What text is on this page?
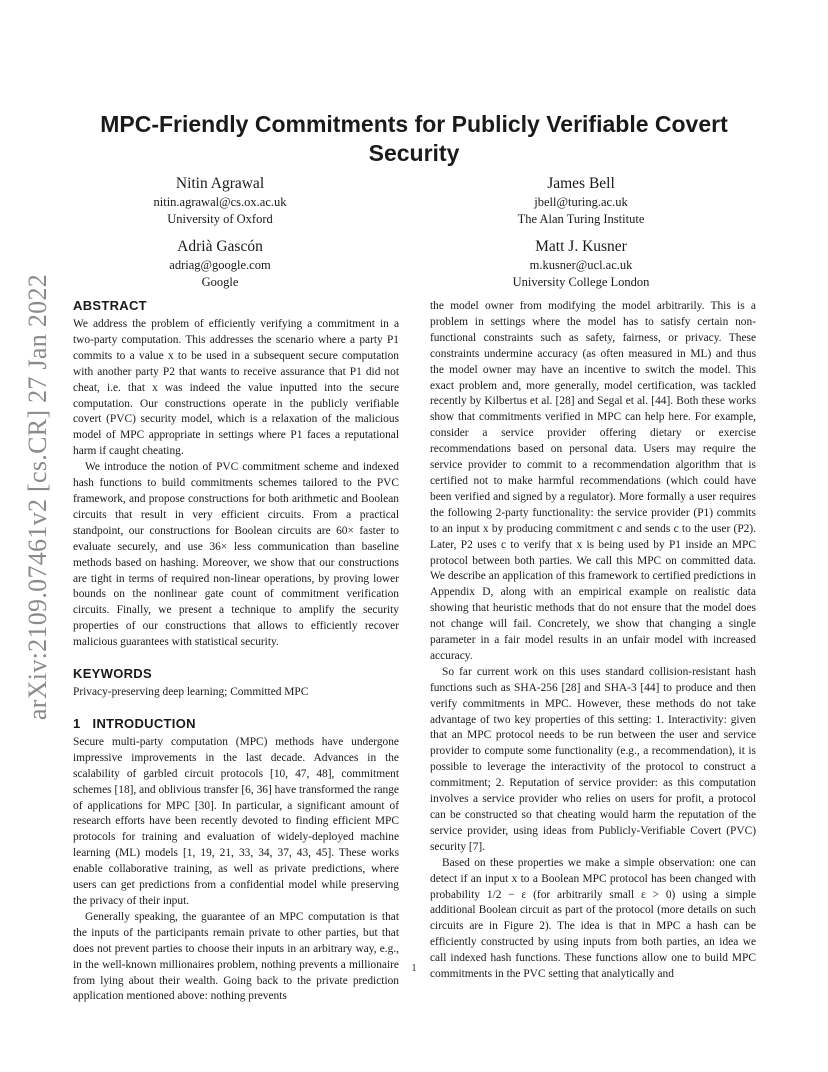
MPC-Friendly Commitments for Publicly Verifiable Covert Security
Nitin Agrawal
nitin.agrawal@cs.ox.ac.uk
University of Oxford
James Bell
jbell@turing.ac.uk
The Alan Turing Institute
Adrià Gascón
adriag@google.com
Google
Matt J. Kusner
m.kusner@ucl.ac.uk
University College London
arXiv:2109.07461v2 [cs.CR] 27 Jan 2022 ABSTRACT

We address the problem of efficiently verifying a commitment in a two-party computation. This addresses the scenario where a party P1 commits to a value x to be used in a subsequent secure computation with another party P2 that wants to receive assurance that P1 did not cheat, i.e. that x was indeed the value inputted into the secure computation. Our constructions operate in the publicly verifiable covert (PVC) security model, which is a relaxation of the malicious model of MPC appropriate in settings where P1 faces a reputational harm if caught cheating.

We introduce the notion of PVC commitment scheme and indexed hash functions to build commitments schemes tailored to the PVC framework, and propose constructions for both arithmetic and Boolean circuits that result in very efficient circuits. From a practical standpoint, our constructions for Boolean circuits are 60× faster to evaluate securely, and use 36× less communication than baseline methods based on hashing. Moreover, we show that our constructions are tight in terms of required non-linear operations, by proving lower bounds on the nonlinear gate count of commitment verification circuits. Finally, we present a technique to amplify the security properties of our constructions that allows to efficiently recover malicious guarantees with statistical security.

KEYWORDS

Privacy-preserving deep learning; Committed MPC

1 INTRODUCTION

Secure multi-party computation (MPC) methods have undergone impressive improvements in the last decade. Advances in the scalability of garbled circuit protocols [10, 47, 48], commitment schemes [18], and oblivious transfer [6, 36] have transformed the range of applications for MPC [30]. In particular, a significant amount of research efforts have been recently devoted to finding efficient MPC protocols for training and evaluation of widely-deployed machine learning (ML) models [1, 19, 21, 33, 34, 37, 43, 45]. These works enable collaborative training, as well as private predictions, where users can get predictions from a confidential model while preserving the privacy of their input.

Generally speaking, the guarantee of an MPC computation is that the inputs of the participants remain private to other parties, but that does not prevent parties to choose their inputs in an arbitrary way, e.g., in the well-known millionaires problem, nothing prevents a millionaire from lying about their wealth. Going back to the private prediction application mentioned above: nothing prevents

the model owner from modifying the model arbitrarily. This is a problem in settings where the model has to satisfy certain non-functional constraints such as safety, fairness, or privacy. These constraints undermine accuracy (as often measured in ML) and thus the model owner may have an incentive to switch the model. This exact problem and, more generally, model certification, was tackled recently by Kilbertus et al. [28] and Segal et al. [44]. Both these works show that commitments verified in MPC can help here. For example, consider a service provider offering dietary or exercise recommendations based on personal data. Users may require the service provider to commit to a recommendation algorithm that is certified not to make harmful recommendations (which could have been verified and signed by a regulator). More formally a user requires the following 2-party functionality: the service provider (P1) commits to an input x by producing commitment c and sends c to the user (P2). Later, P2 uses c to verify that x is being used by P1 inside an MPC protocol between both parties. We call this MPC on committed data. We describe an application of this framework to certified predictions in Appendix D, along with an empirical example on realistic data showing that heuristic methods that do not ensure that the model does not change will fail. Concretely, we show that changing a single parameter in a fair model results in an unfair model with increased accuracy.

So far current work on this uses standard collision-resistant hash functions such as SHA-256 [28] and SHA-3 [44] to produce and then verify commitments in MPC. However, these methods do not take advantage of two key properties of this setting: 1. Interactivity: given that an MPC protocol needs to be run between the user and service provider to compute some functionality (e.g., a recommendation), it is possible to leverage the interactivity of the protocol to construct a commitment; 2. Reputation of service provider: as this computation involves a service provider who relies on users for profit, a protocol can be constructed so that cheating would harm the reputation of the service provider, using ideas from Publicly-Verifiable Covert (PVC) security [7].

Based on these properties we make a simple observation: one can detect if an input x to a Boolean MPC protocol has been changed with probability 1/2 − ε (for arbitrarily small ε > 0) using a simple additional Boolean circuit as part of the protocol (more details on such circuits are in Figure 2). The idea is that in MPC a hash can be efficiently constructed by using inputs from both parties, an idea we call indexed hash functions. These functions allow one to build MPC commitments in the PVC setting that analytically and

1
